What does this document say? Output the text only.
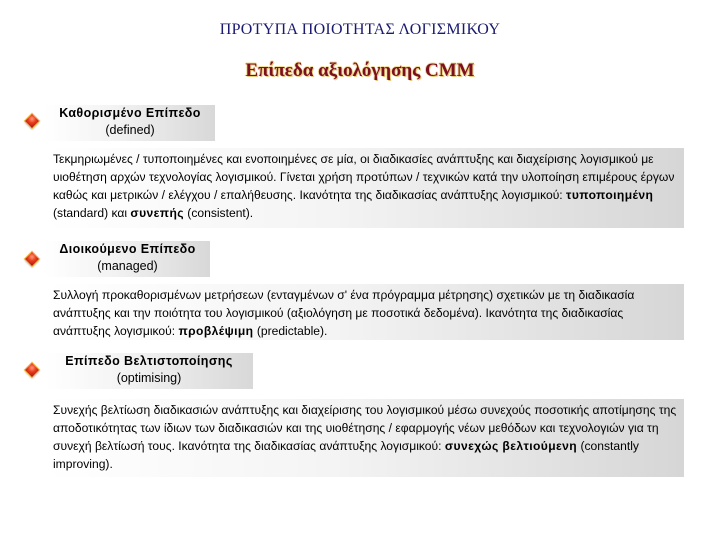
ΠΡΟΤΥΠΑ ΠΟΙΟΤΗΤΑΣ ΛΟΓΙΣΜΙΚΟΥ
Επίπεδα αξιολόγησης CMM
Καθορισμένο Επίπεδο
(defined)
Τεκμηριωμένες / τυποποιημένες και ενοποιημένες σε μία, οι διαδικασίες ανάπτυξης και διαχείρισης λογισμικού με υιοθέτηση αρχών τεχνολογίας λογισμικού. Γίνεται χρήση προτύπων / τεχνικών κατά την υλοποίηση επιμέρους έργων καθώς και μετρικών / ελέγχου / επαλήθευσης. Ικανότητα της διαδικασίας ανάπτυξης λογισμικού: τυποποιημένη (standard) και συνεπής (consistent).
Διοικούμενο Επίπεδο
(managed)
Συλλογή προκαθορισμένων μετρήσεων (ενταγμένων σ' ένα πρόγραμμα μέτρησης) σχετικών με τη διαδικασία ανάπτυξης και την ποιότητα του λογισμικού (αξιολόγηση με ποσοτικά δεδομένα). Ικανότητα της διαδικασίας ανάπτυξης λογισμικού: προβλέψιμη (predictable).
Επίπεδο Βελτιστοποίησης
(optimising)
Συνεχής βελτίωση διαδικασιών ανάπτυξης και διαχείρισης του λογισμικού μέσω συνεχούς ποσοτικής αποτίμησης της αποδοτικότητας των ίδιων των διαδικασιών και της υιοθέτησης / εφαρμογής νέων μεθόδων και τεχνολογιών για τη συνεχή βελτίωσή τους. Ικανότητα της διαδικασίας ανάπτυξης λογισμικού: συνεχώς βελτιούμενη (constantly improving).
